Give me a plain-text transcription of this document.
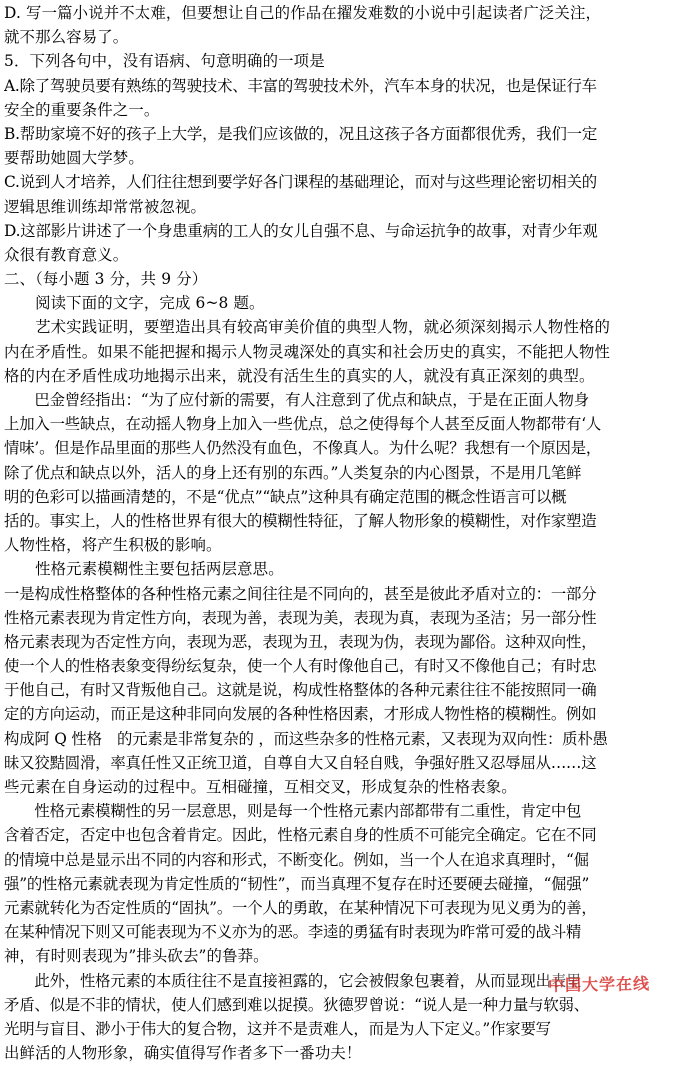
D. 写一篇小说并不太难，但要想让自己的作品在擢发难数的小说中引起读者广泛关注，
就不那么容易了。
5．下列各句中，没有语病、句意明确的一项是
A.除了驾驶员要有熟练的驾驶技术、丰富的驾驶技术外，汽车本身的状况，也是保证行车
安全的重要条件之一。
B.帮助家境不好的孩子上大学，是我们应该做的，况且这孩子各方面都很优秀，我们一定
要帮助她圆大学梦。
C.说到人才培养，人们往往想到要学好各门课程的基础理论，而对与这些理论密切相关的
逻辑思维训练却常常被忽视。
D.这部影片讲述了一个身患重病的工人的女儿自强不息、与命运抗争的故事，对青少年观
众很有教育意义。
二、（每小题 3 分，共 9 分）
　　阅读下面的文字，完成 6~8 题。
　　艺术实践证明，要塑造出具有较高审美价值的典型人物，就必须深刻揭示人物性格的
内在矛盾性。如果不能把握和揭示人物灵魂深处的真实和社会历史的真实，不能把人物性
格的内在矛盾性成功地揭示出来，就没有活生生的真实的人，就没有真正深刻的典型。
　　巴金曾经指出：“为了应付新的需要，有人注意到了优点和缺点，于是在正面人物身
上加入一些缺点，在动摇人物身上加入一些优点，总之使得每个人甚至反面人物都带有‘人
情味’。但是作品里面的那些人仍然没有血色，不像真人。为什么呢？我想有一个原因是，
除了优点和缺点以外，活人的身上还有别的东西。”人类复杂的内心图景，不是用几笔鲜
明的色彩可以描画清楚的，不是“优点”“缺点”这种具有确定范围的概念性语言可以概
括的。事实上，人的性格世界有很大的模糊性特征，了解人物形象的模糊性，对作家塑造
人物性格，将产生积极的影响。
　　性格元素模糊性主要包括两层意思。
一是构成性格整体的各种性格元素之间往往是不同向的，甚至是彼此矛盾对立的：一部分
性格元素表现为肯定性方向，表现为善，表现为美，表现为真，表现为圣洁；另一部分性
格元素表现为否定性方向，表现为恶，表现为丑，表现为伪，表现为鄙俗。这种双向性，
使一个人的性格表象变得纷纭复杂，使一个人有时像他自己，有时又不像他自己；有时忠
于他自己，有时又背叛他自己。这就是说，构成性格整体的各种元素往往不能按照同一确
定的方向运动，而正是这种非同向发展的各种性格因素，才形成人物性格的模糊性。例如
构成阿 Q 性格　的元素是非常复杂的 ，而这些杂多的性格元素，又表现为双向性：质朴愚
昧又狡黠圆滑，率真任性又正统卫道，自尊自大又自轻自贱，争强好胜又忍辱屈从……这
些元素在自身运动的过程中。互相碰撞，互相交叉，形成复杂的性格表象。
　　性格元素模糊性的另一层意思，则是每一个性格元素内部都带有二重性，肯定中包
含着否定，否定中也包含着肯定。因此，性格元素自身的性质不可能完全确定。它在不同
的情境中总是显示出不同的内容和形式，不断变化。例如，当一个人在追求真理时，“倔
强”的性格元素就表现为肯定性质的“韧性”，而当真理不复存在时还要硬去碰撞，“倔强”
元素就转化为否定性质的“固执”。一个人的勇敢，在某种情况下可表现为见义勇为的善，
在某种情况下则又可能表现为不义亦为的恶。李逵的勇猛有时表现为昨常可爱的战斗精
神，有时则表现为”排头砍去”的鲁莽。
　　此外，性格元素的本质往往不是直接袒露的，它会被假象包裹着，从而显现出表里
矛盾、似是不非的情状，使人们感到难以捉摸。狄德罗曾说：“说人是一种力量与软弱、
光明与盲目、渺小于伟大的复合物，这并不是责难人，而是为人下定义。”作家要写
出鲜活的人物形象，确实值得写作者多下一番功夫！
中国大学在线
